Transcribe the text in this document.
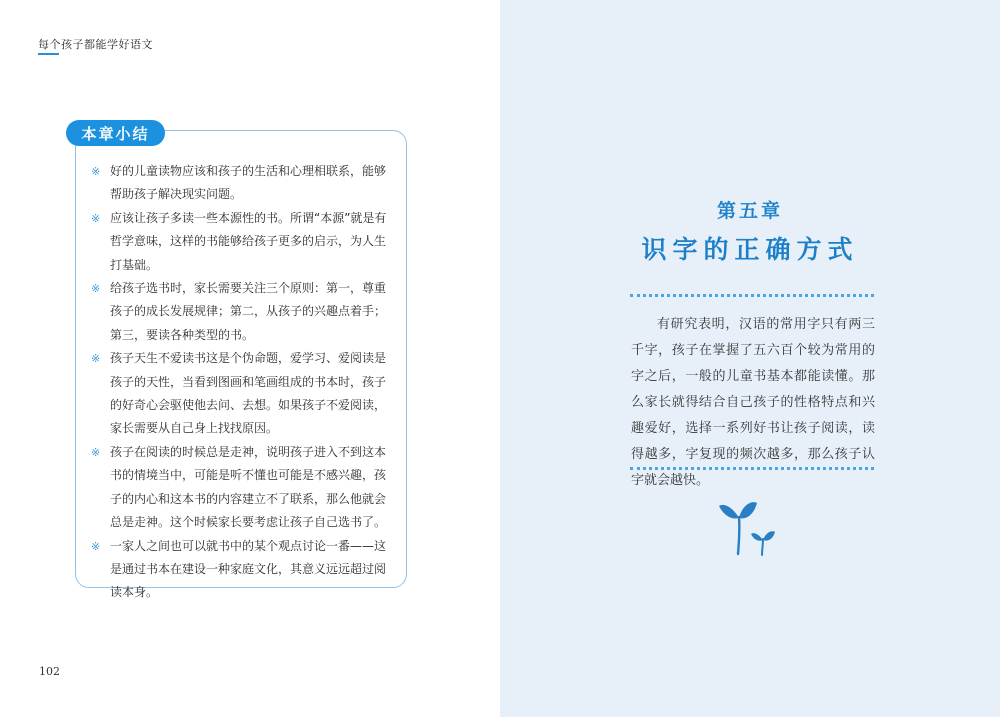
每个孩子都能学好语文
本章小结
※ 好的儿童读物应该和孩子的生活和心理相联系，能够帮助孩子解决现实问题。
※ 应该让孩子多读一些本源性的书。所谓“本源”就是有哲学意味，这样的书能够给孩子更多的启示，为人生打基础。
※ 给孩子选书时，家长需要关注三个原则：第一，尊重孩子的成长发展规律；第二，从孩子的兴趣点着手；第三，要读各种类型的书。
※ 孩子天生不爱读书这是个伪命题，爱学习、爱阅读是孩子的天性，当看到图画和笔画组成的书本时，孩子的好奇心会驱使他去问、去想。如果孩子不爱阅读，家长需要从自己身上找找原因。
※ 孩子在阅读的时候总是走神，说明孩子进入不到这本书的情境当中，可能是听不懂也可能是不感兴趣，孩子的内心和这本书的内容建立不了联系，那么他就会总是走神。这个时候家长要考虑让孩子自己选书了。
※ 一家人之间也可以就书中的某个观点讨论一番——这是通过书本在建设一种家庭文化，其意义远远超过阅读本身。
102
第五章
识字的正确方式

有研究表明，汉语的常用字只有两三千字，孩子在掌握了五六百个较为常用的字之后，一般的儿童书基本都能读懂。那么家长就得结合自己孩子的性格特点和兴趣爱好，选择一系列好书让孩子阅读，读得越多，字复现的频次越多，那么孩子认字就会越快。
